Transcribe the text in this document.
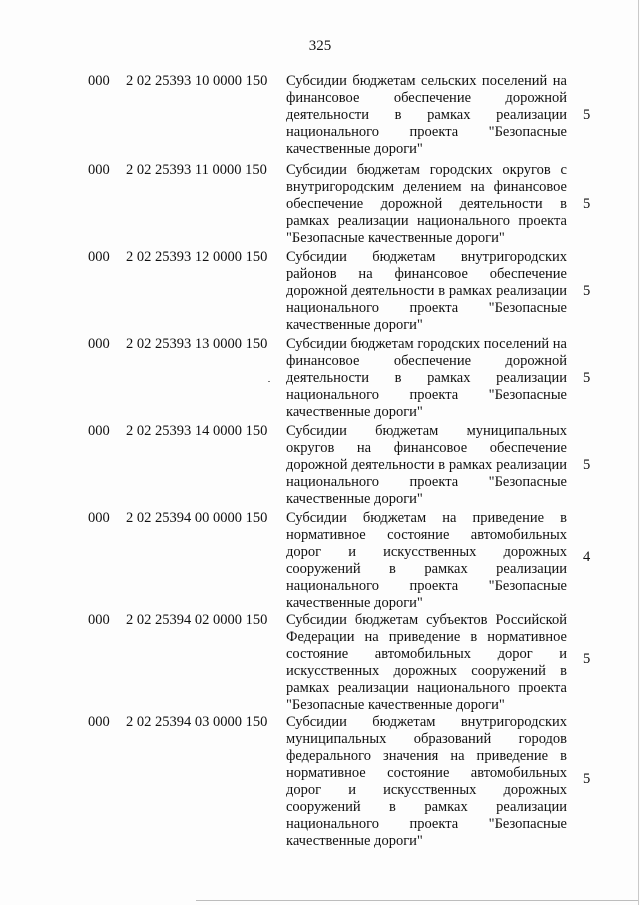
325
000 2 02 25393 10 0000 150 Субсидии бюджетам сельских поселений на финансовое обеспечение дорожной деятельности в рамках реализации национального проекта "Безопасные качественные дороги"
5
000 2 02 25393 11 0000 150 Субсидии бюджетам городских округов с внутригородским делением на финансовое обеспечение дорожной деятельности в рамках реализации национального проекта "Безопасные качественные дороги"
5
000 2 02 25393 12 0000 150 Субсидии бюджетам внутригородских районов на финансовое обеспечение дорожной деятельности в рамках реализации национального проекта "Безопасные качественные дороги"
5
000 2 02 25393 13 0000 150 Субсидии бюджетам городских поселений на финансовое обеспечение дорожной деятельности в рамках реализации национального проекта "Безопасные качественные дороги"
5
000 2 02 25393 14 0000 150 Субсидии бюджетам муниципальных округов на финансовое обеспечение дорожной деятельности в рамках реализации национального проекта "Безопасные качественные дороги"
5
000 2 02 25394 00 0000 150 Субсидии бюджетам на приведение в нормативное состояние автомобильных дорог и искусственных дорожных сооружений в рамках реализации национального проекта "Безопасные качественные дороги"
4
000 2 02 25394 02 0000 150 Субсидии бюджетам субъектов Российской Федерации на приведение в нормативное состояние автомобильных дорог и искусственных дорожных сооружений в рамках реализации национального проекта "Безопасные качественные дороги"
5
000 2 02 25394 03 0000 150 Субсидии бюджетам внутригородских муниципальных образований городов федерального значения на приведение в нормативное состояние автомобильных дорог и искусственных дорожных сооружений в рамках реализации национального проекта "Безопасные качественные дороги"
5
